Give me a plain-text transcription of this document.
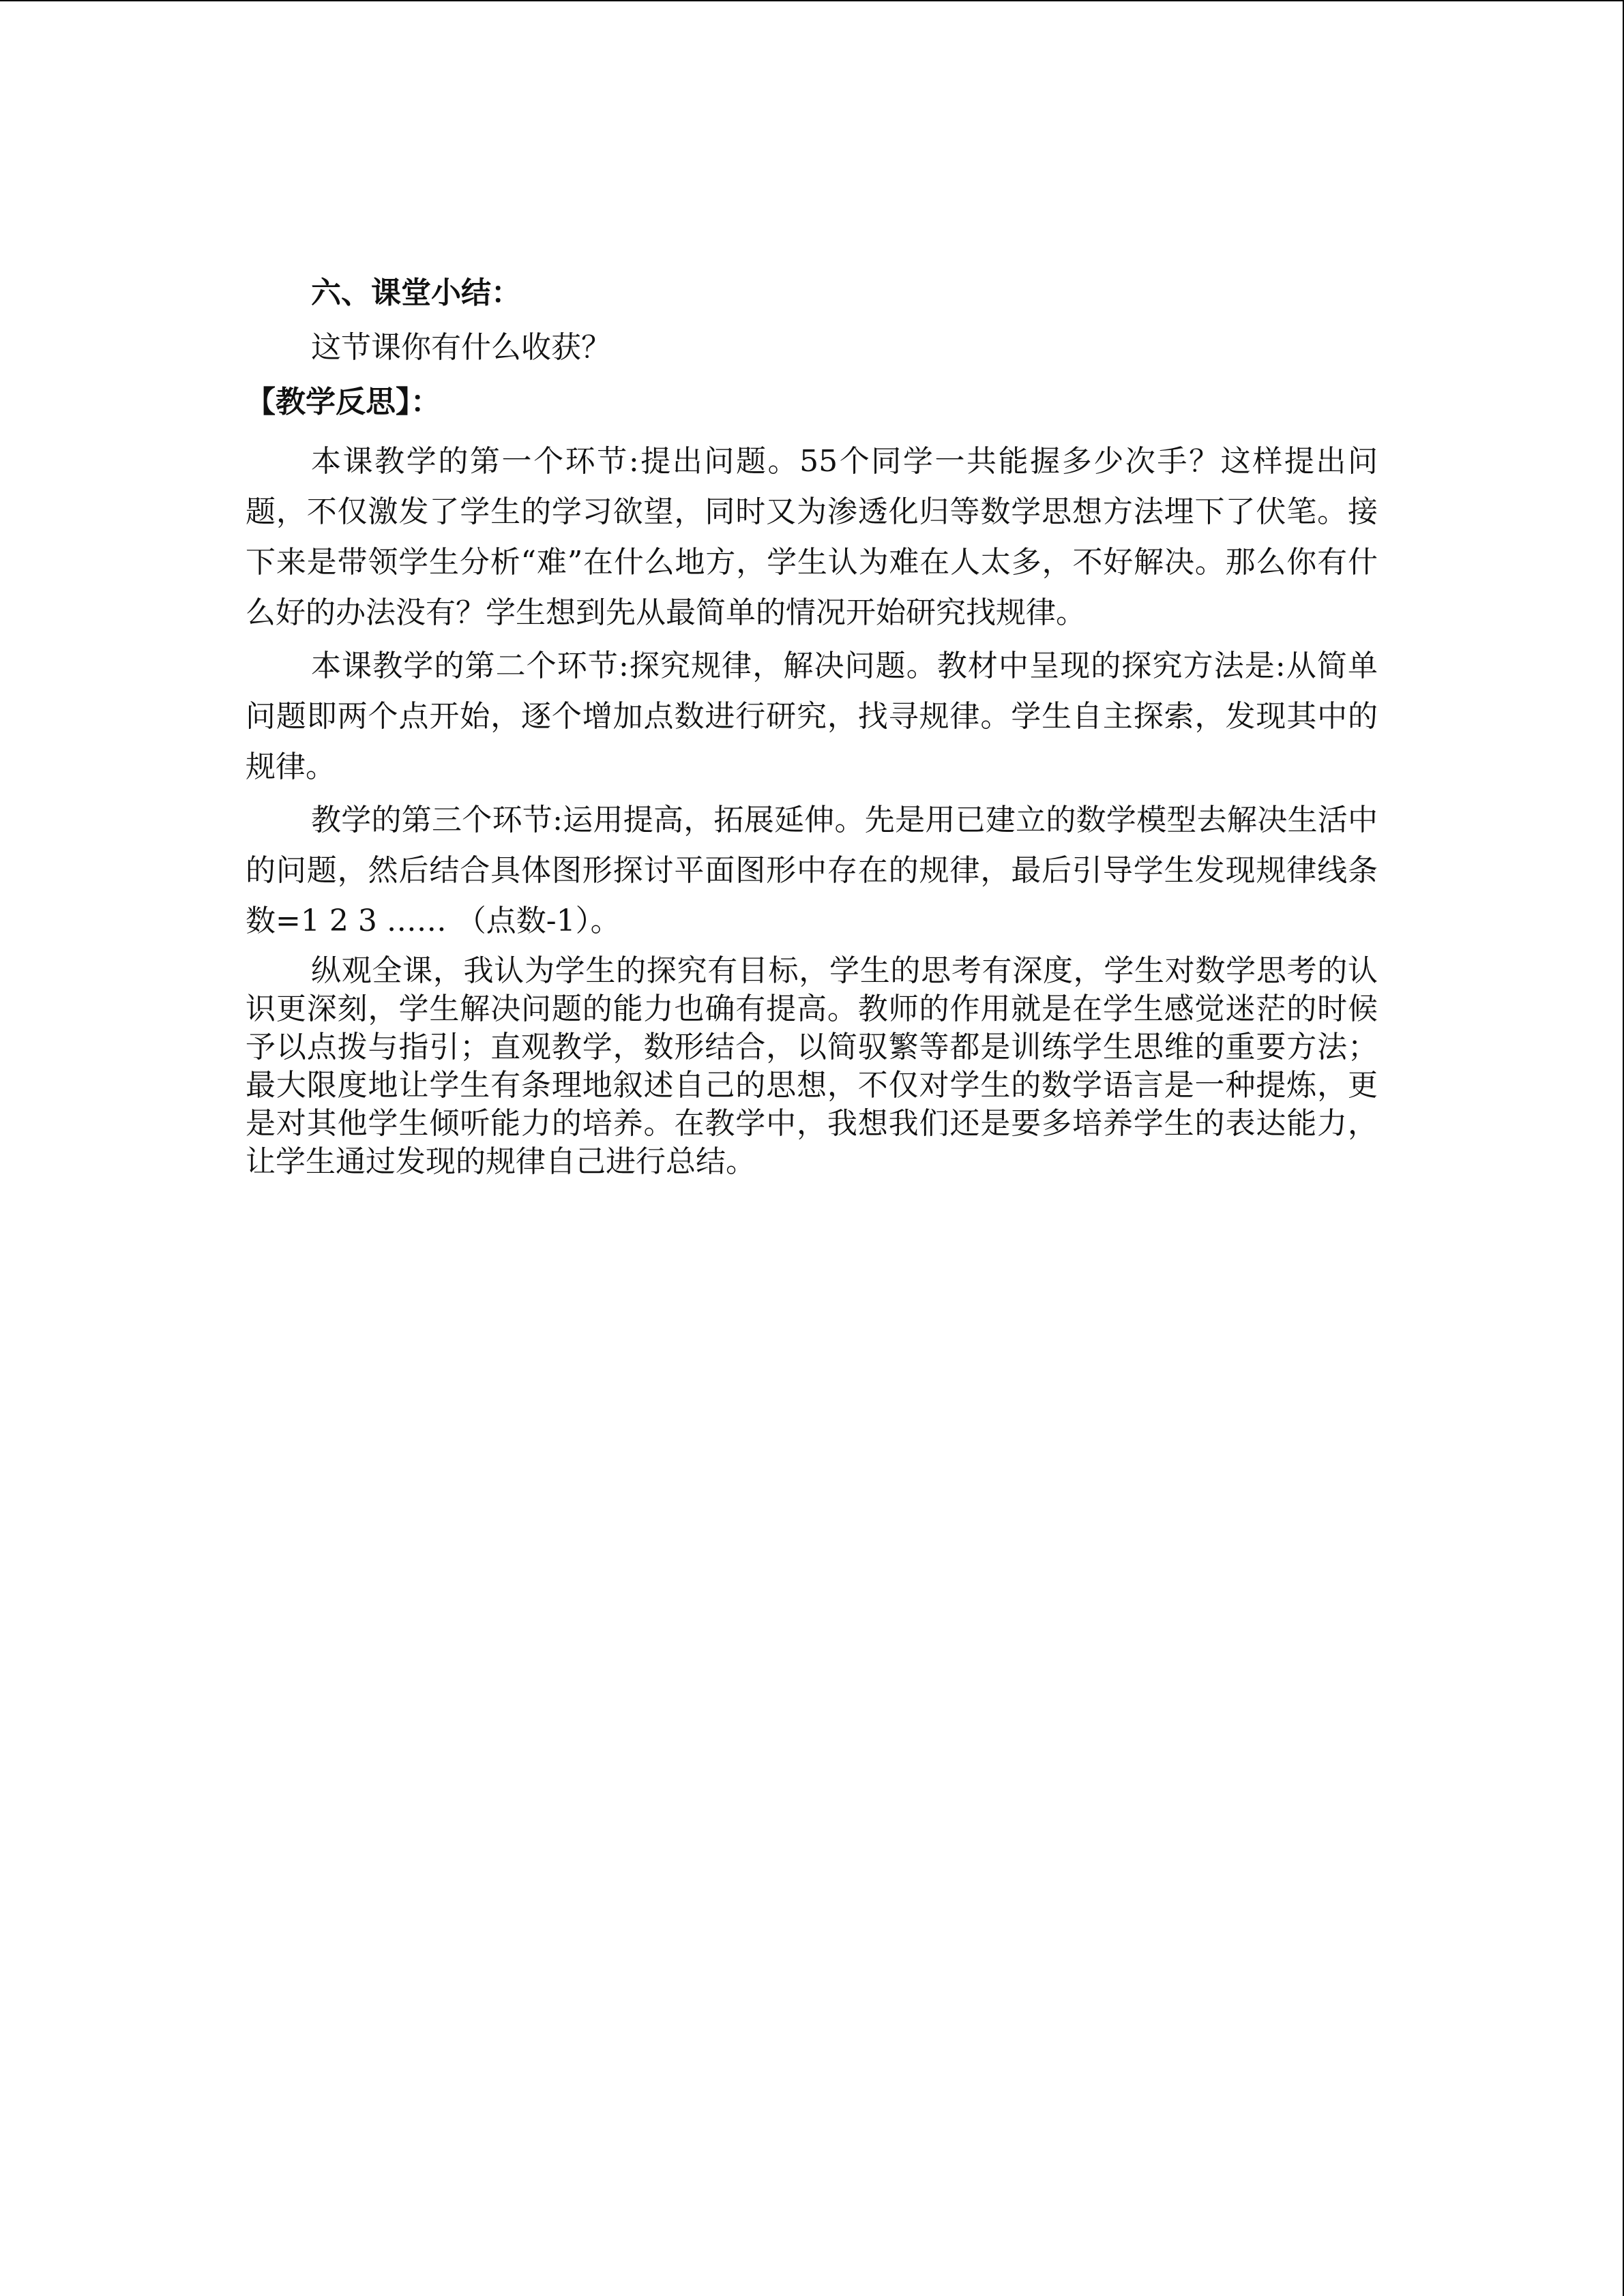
六、课堂小结：

这节课你有什么收获？

【教学反思】：

本课教学的第一个环节:提出问题。55个同学一共能握多少次手？这样提出问题，不仅激发了学生的学习欲望，同时又为渗透化归等数学思想方法埋下了伏笔。接下来是带领学生分析“难”在什么地方，学生认为难在人太多，不好解决。那么你有什么好的办法没有？学生想到先从最简单的情况开始研究找规律。

本课教学的第二个环节:探究规律，解决问题。教材中呈现的探究方法是:从简单问题即两个点开始，逐个增加点数进行研究，找寻规律。学生自主探索，发现其中的规律。

教学的第三个环节:运用提高，拓展延伸。先是用已建立的数学模型去解决生活中的问题，然后结合具体图形探讨平面图形中存在的规律，最后引导学生发现规律线条数=1 2 3 …… （点数-1）。

纵观全课，我认为学生的探究有目标，学生的思考有深度，学生对数学思考的认识更深刻，学生解决问题的能力也确有提高。教师的作用就是在学生感觉迷茫的时候予以点拨与指引；直观教学，数形结合，以简驭繁等都是训练学生思维的重要方法；最大限度地让学生有条理地叙述自己的思想，不仅对学生的数学语言是一种提炼，更是对其他学生倾听能力的培养。在教学中，我想我们还是要多培养学生的表达能力，让学生通过发现的规律自己进行总结。
